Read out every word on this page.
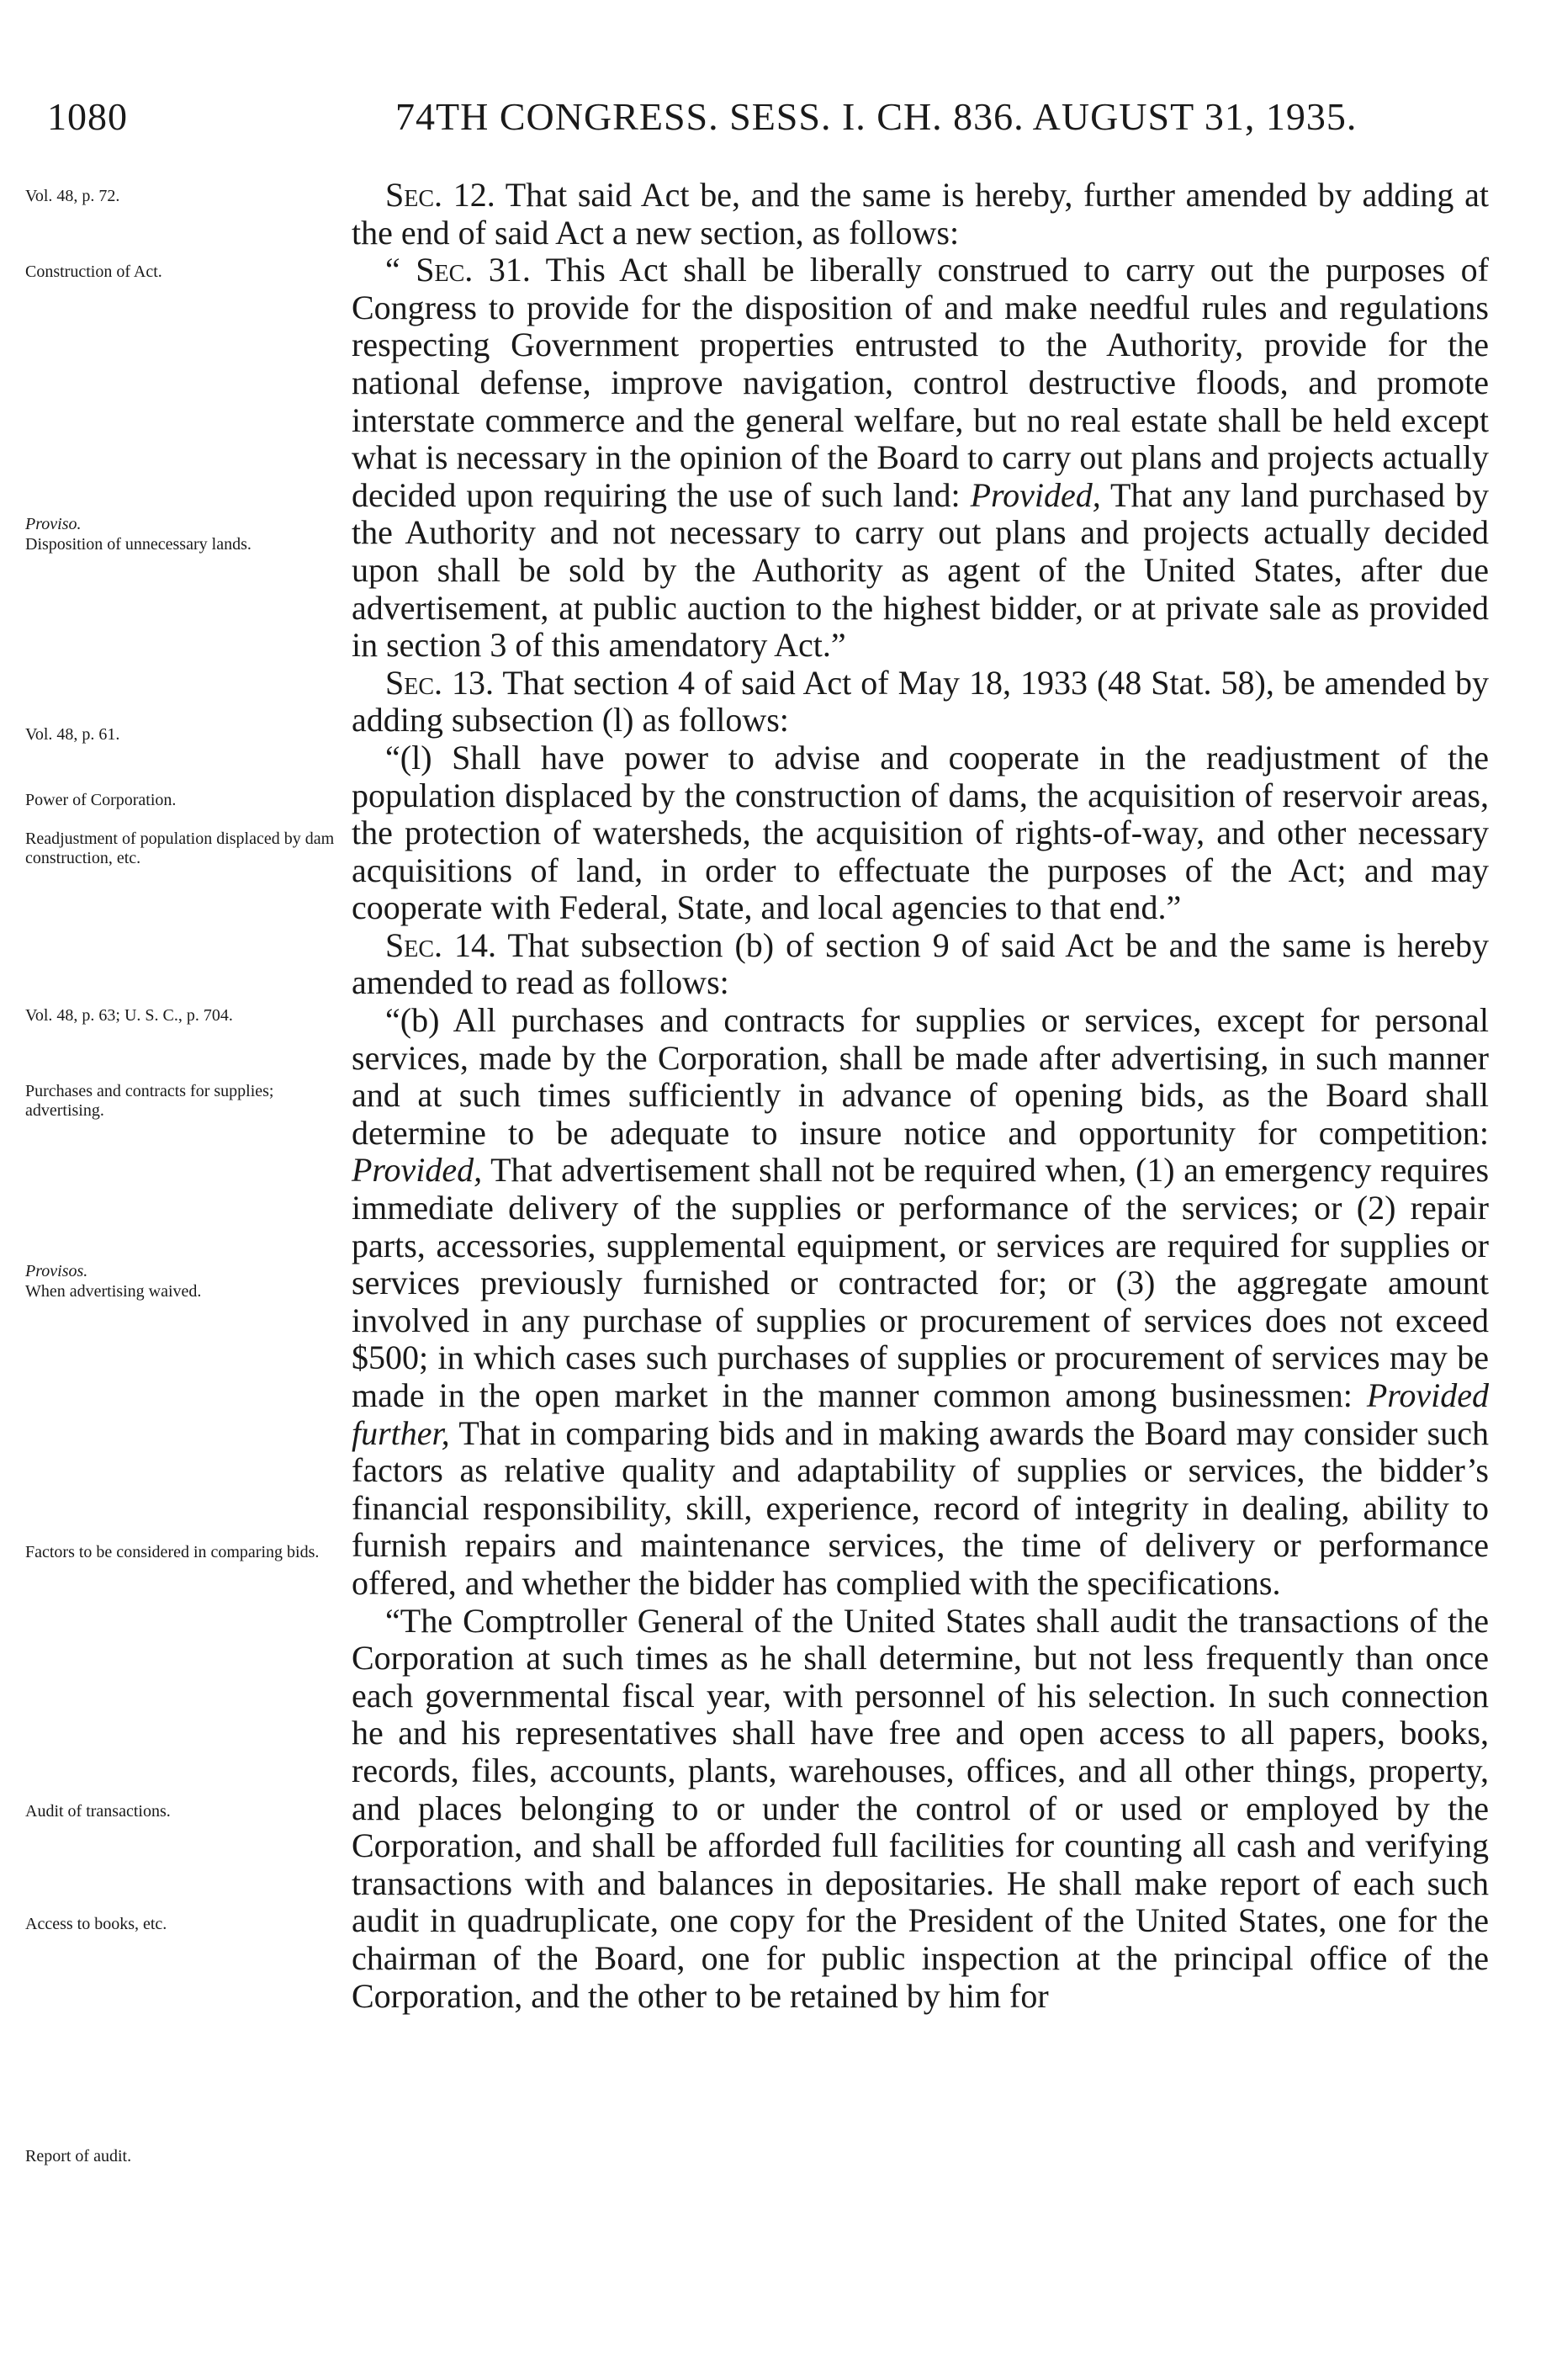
1080	74TH CONGRESS. SESS. I. CH. 836. AUGUST 31, 1935.
Vol. 48, p. 72.
Construction of Act.
Proviso.
Disposition of unnecessary lands.
Vol. 48, p. 61.
Power of Corporation.
Readjustment of population displaced by dam construction, etc.
Vol. 48, p. 63; U. S. C., p. 704.
Purchases and contracts for supplies; advertising.
Provisos.
When advertising waived.
Factors to be considered in comparing bids.
Audit of transactions.
Access to books, etc.
Report of audit.

Sec. 12. That said Act be, and the same is hereby, further amended by adding at the end of said Act a new section, as follows:

“ Sec. 31. This Act shall be liberally construed to carry out the purposes of Congress to provide for the disposition of and make needful rules and regulations respecting Government properties entrusted to the Authority, provide for the national defense, improve navigation, control destructive floods, and promote interstate commerce and the general welfare, but no real estate shall be held except what is necessary in the opinion of the Board to carry out plans and projects actually decided upon requiring the use of such land: Provided, That any land purchased by the Authority and not necessary to carry out plans and projects actually decided upon shall be sold by the Authority as agent of the United States, after due advertisement, at public auction to the highest bidder, or at private sale as provided in section 3 of this amendatory Act.”

Sec. 13. That section 4 of said Act of May 18, 1933 (48 Stat. 58), be amended by adding subsection (l) as follows:

“(l) Shall have power to advise and cooperate in the readjustment of the population displaced by the construction of dams, the acquisition of reservoir areas, the protection of watersheds, the acquisition of rights-of-way, and other necessary acquisitions of land, in order to effectuate the purposes of the Act; and may cooperate with Federal, State, and local agencies to that end.”

Sec. 14. That subsection (b) of section 9 of said Act be and the same is hereby amended to read as follows:

“(b) All purchases and contracts for supplies or services, except for personal services, made by the Corporation, shall be made after advertising, in such manner and at such times sufficiently in advance of opening bids, as the Board shall determine to be adequate to insure notice and opportunity for competition: Provided, That advertisement shall not be required when, (1) an emergency requires immediate delivery of the supplies or performance of the services; or (2) repair parts, accessories, supplemental equipment, or services are required for supplies or services previously furnished or contracted for; or (3) the aggregate amount involved in any purchase of supplies or procurement of services does not exceed $500; in which cases such purchases of supplies or procurement of services may be made in the open market in the manner common among businessmen: Provided further, That in comparing bids and in making awards the Board may consider such factors as relative quality and adaptability of supplies or services, the bidder’s financial responsibility, skill, experience, record of integrity in dealing, ability to furnish repairs and maintenance services, the time of delivery or performance offered, and whether the bidder has complied with the specifications.

“The Comptroller General of the United States shall audit the transactions of the Corporation at such times as he shall determine, but not less frequently than once each governmental fiscal year, with personnel of his selection. In such connection he and his representatives shall have free and open access to all papers, books, records, files, accounts, plants, warehouses, offices, and all other things, property, and places belonging to or under the control of or used or employed by the Corporation, and shall be afforded full facilities for counting all cash and verifying transactions with and balances in depositaries. He shall make report of each such audit in quadruplicate, one copy for the President of the United States, one for the chairman of the Board, one for public inspection at the principal office of the Corporation, and the other to be retained by him for
